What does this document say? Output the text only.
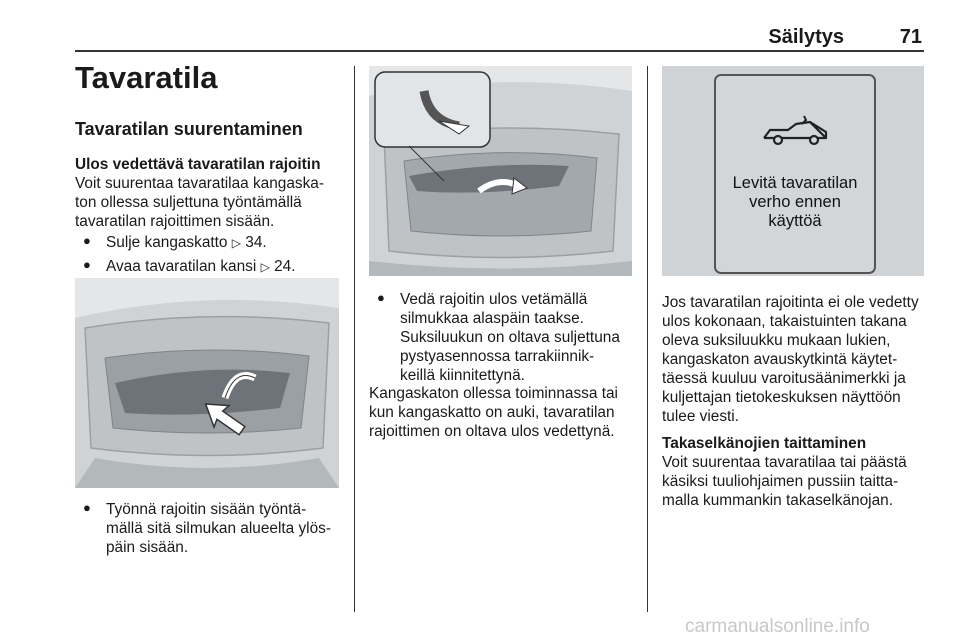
Säilytys	71
Tavaratila
Tavaratilan suurentaminen
Ulos vedettävä tavaratilan rajoitin
Voit suurentaa tavaratilaa kangaska-
ton ollessa suljettuna työntämällä
tavaratilan rajoittimen sisään.
● Sulje kangaskatto ▷ 34.
● Avaa tavaratilan kansi ▷ 24.
● Työnnä rajoitin sisään työntä-
mällä sitä silmukan alueelta ylös-
päin sisään.
● Vedä rajoitin ulos vetämällä
silmukkaa alaspäin taakse.
Suksiluukun on oltava suljettuna
pystyasennossa tarrakiinnik-
keillä kiinnitettynä.
Kangaskaton ollessa toiminnassa tai
kun kangaskatto on auki, tavaratilan
rajoittimen on oltava ulos vedettynä.
Levitä tavaratilan
verho ennen
käyttöä
Jos tavaratilan rajoitinta ei ole vedetty
ulos kokonaan, takaistuinten takana
oleva suksiluukku mukaan lukien,
kangaskaton avauskytkintä käytet-
täessä kuuluu varoitusäänimerkki ja
kuljettajan tietokeskuksen näyttöön
tulee viesti.
Takaselkänojien taittaminen
Voit suurentaa tavaratilaa tai päästä
käsiksi tuuliohjaimen pussiin taitta-
malla kummankin takaselkänojan.
carmanualsonline.info
